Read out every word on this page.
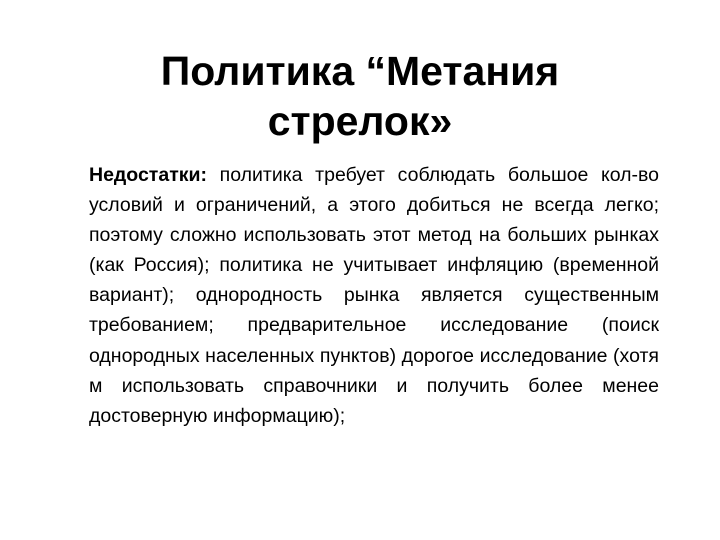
Политика “Метания
стрелок»

Недостатки: политика требует соблюдать большое кол-во условий и ограничений, а этого добиться не всегда легко; поэтому сложно использовать этот метод на больших рынках (как Россия); политика не учитывает инфляцию (временной вариант); однородность рынка является существенным требованием; предварительное исследование (поиск однородных населенных пунктов) дорогое исследование (хотя м использовать справочники и получить более менее достоверную информацию);
